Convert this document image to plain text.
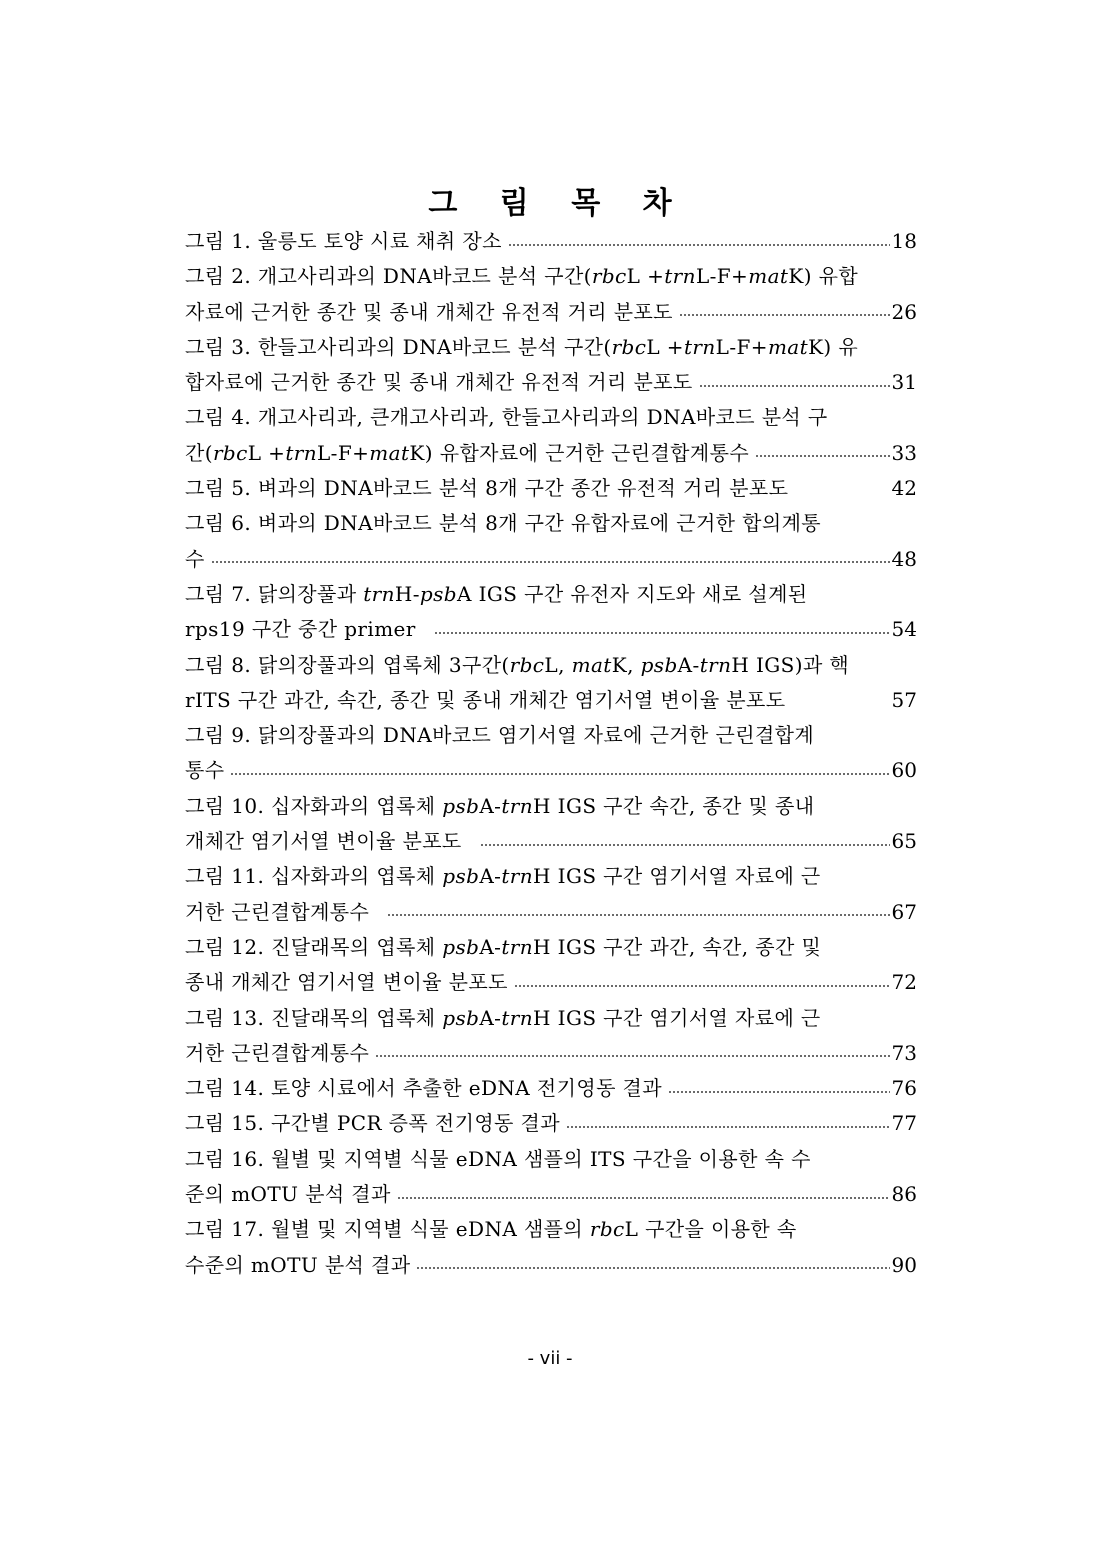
그 림 목 차
그림 1. 울릉도 토양 시료 채취 장소	18
그림 2. 개고사리과의 DNA바코드 분석 구간(rbcL +trnL-F+matK) 유합
자료에 근거한 종간 및 종내 개체간 유전적 거리 분포도	26
그림 3. 한들고사리과의 DNA바코드 분석 구간(rbcL +trnL-F+matK) 유
합자료에 근거한 종간 및 종내 개체간 유전적 거리 분포도	31
그림 4. 개고사리과, 큰개고사리과, 한들고사리과의 DNA바코드 분석 구
간(rbcL +trnL-F+matK) 유합자료에 근거한 근린결합계통수	33
그림 5. 벼과의 DNA바코드 분석 8개 구간 종간 유전적 거리 분포도	42
그림 6. 벼과의 DNA바코드 분석 8개 구간 유합자료에 근거한 합의계통
수	48
그림 7. 닭의장풀과 trnH-psbA IGS 구간 유전자 지도와 새로 설계된
rps19 구간 중간 primer	54
그림 8. 닭의장풀과의 엽록체 3구간(rbcL, matK, psbA-trnH IGS)과 핵
rITS 구간 과간, 속간, 종간 및 종내 개체간 염기서열 변이율 분포도	57
그림 9. 닭의장풀과의 DNA바코드 염기서열 자료에 근거한 근린결합계
통수	60
그림 10. 십자화과의 엽록체 psbA-trnH IGS 구간 속간, 종간 및 종내
개체간 염기서열 변이율 분포도	65
그림 11. 십자화과의 엽록체 psbA-trnH IGS 구간 염기서열 자료에 근
거한 근린결합계통수	67
그림 12. 진달래목의 엽록체 psbA-trnH IGS 구간 과간, 속간, 종간 및
종내 개체간 염기서열 변이율 분포도	72
그림 13. 진달래목의 엽록체 psbA-trnH IGS 구간 염기서열 자료에 근
거한 근린결합계통수	73
그림 14. 토양 시료에서 추출한 eDNA 전기영동 결과	76
그림 15. 구간별 PCR 증폭 전기영동 결과	77
그림 16. 월별 및 지역별 식물 eDNA 샘플의 ITS 구간을 이용한 속 수
준의 mOTU 분석 결과	86
그림 17. 월별 및 지역별 식물 eDNA 샘플의 rbcL 구간을 이용한 속
수준의 mOTU 분석 결과	90
- vii -
